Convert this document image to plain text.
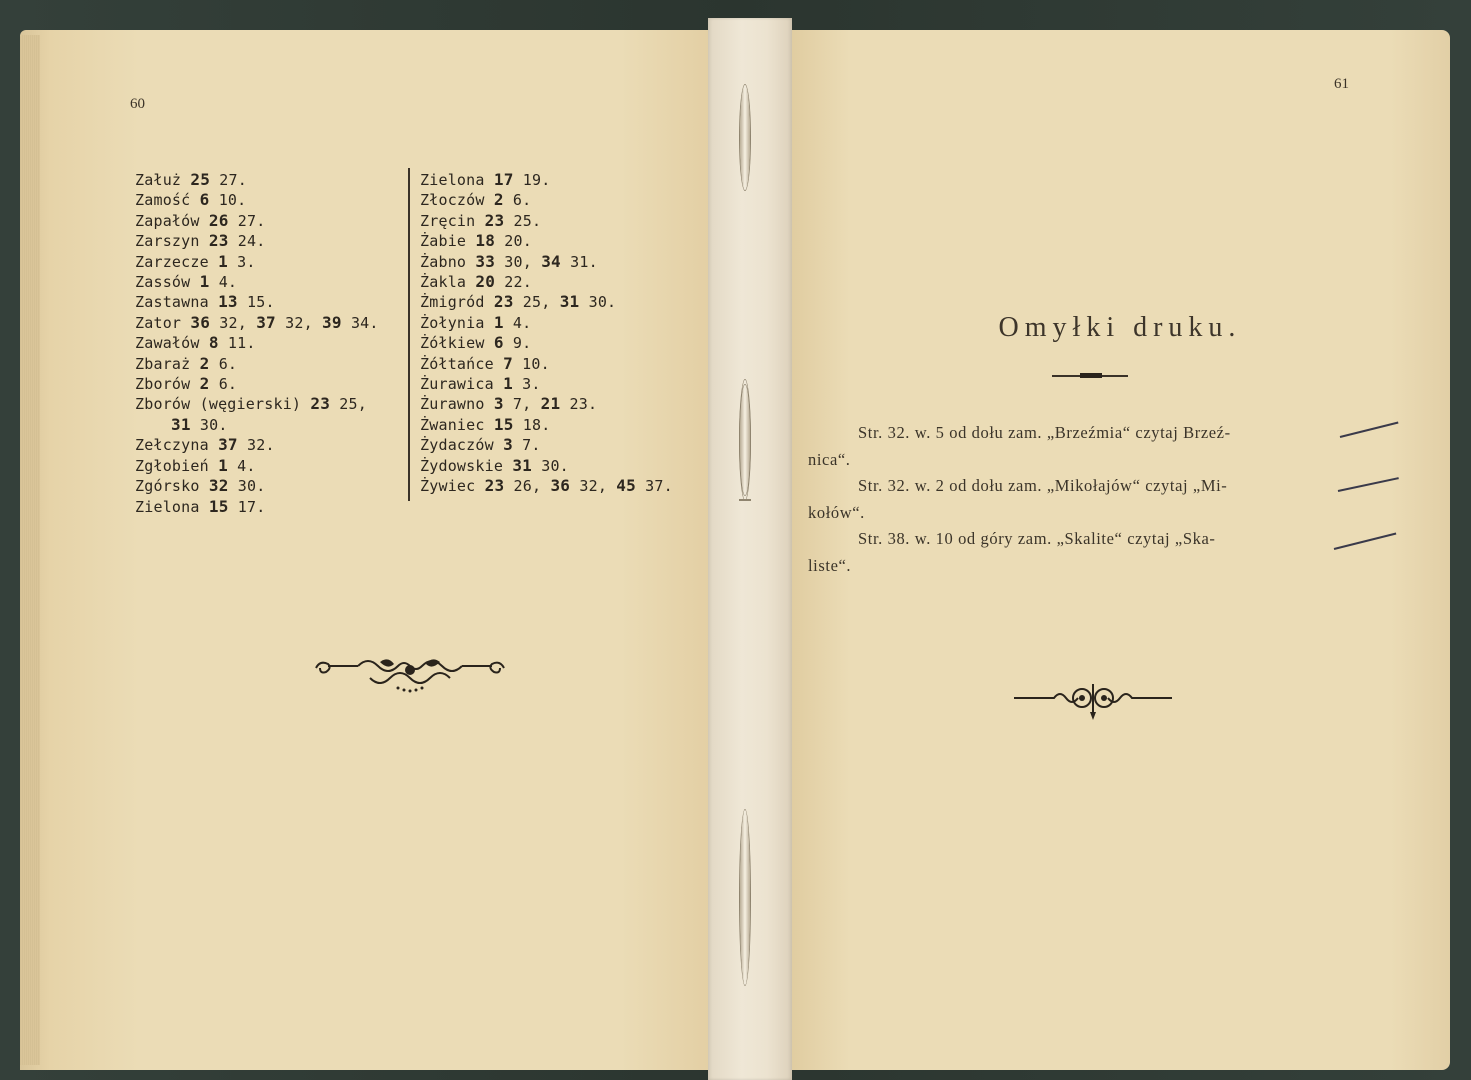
60
Załuż 25 27.
Zamość 6 10.
Zapałów 26 27.
Zarszyn 23 24.
Zarzecze 1 3.
Zassów 1 4.
Zastawna 13 15.
Zator 36 32, 37 32, 39 34.
Zawałów 8 11.
Zbaraż 2 6.
Zborów 2 6.
Zborów (węgierski) 23 25,
31 30.
Zełczyna 37 32.
Zgłobień 1 4.
Zgórsko 32 30.
Zielona 15 17.
Zielona 17 19.
Złoczów 2 6.
Zręcin 23 25.
Żabie 18 20.
Żabno 33 30, 34 31.
Żakla 20 22.
Żmigród 23 25, 31 30.
Żołynia 1 4.
Żółkiew 6 9.
Żółtańce 7 10.
Żurawica 1 3.
Żurawno 3 7, 21 23.
Żwaniec 15 18.
Żydaczów 3 7.
Żydowskie 31 30.
Żywiec 23 26, 36 32, 45 37.
61
Omyłki druku.

Str. 32. w. 5 od dołu zam. „Brzeźmia“ czytaj Brzeź-

nica“.

Str. 32. w. 2 od dołu zam. „Mikołajów“ czytaj „Mi-

kołów“.

Str. 38. w. 10 od góry zam. „Skalite“ czytaj „Ska-

liste“.
